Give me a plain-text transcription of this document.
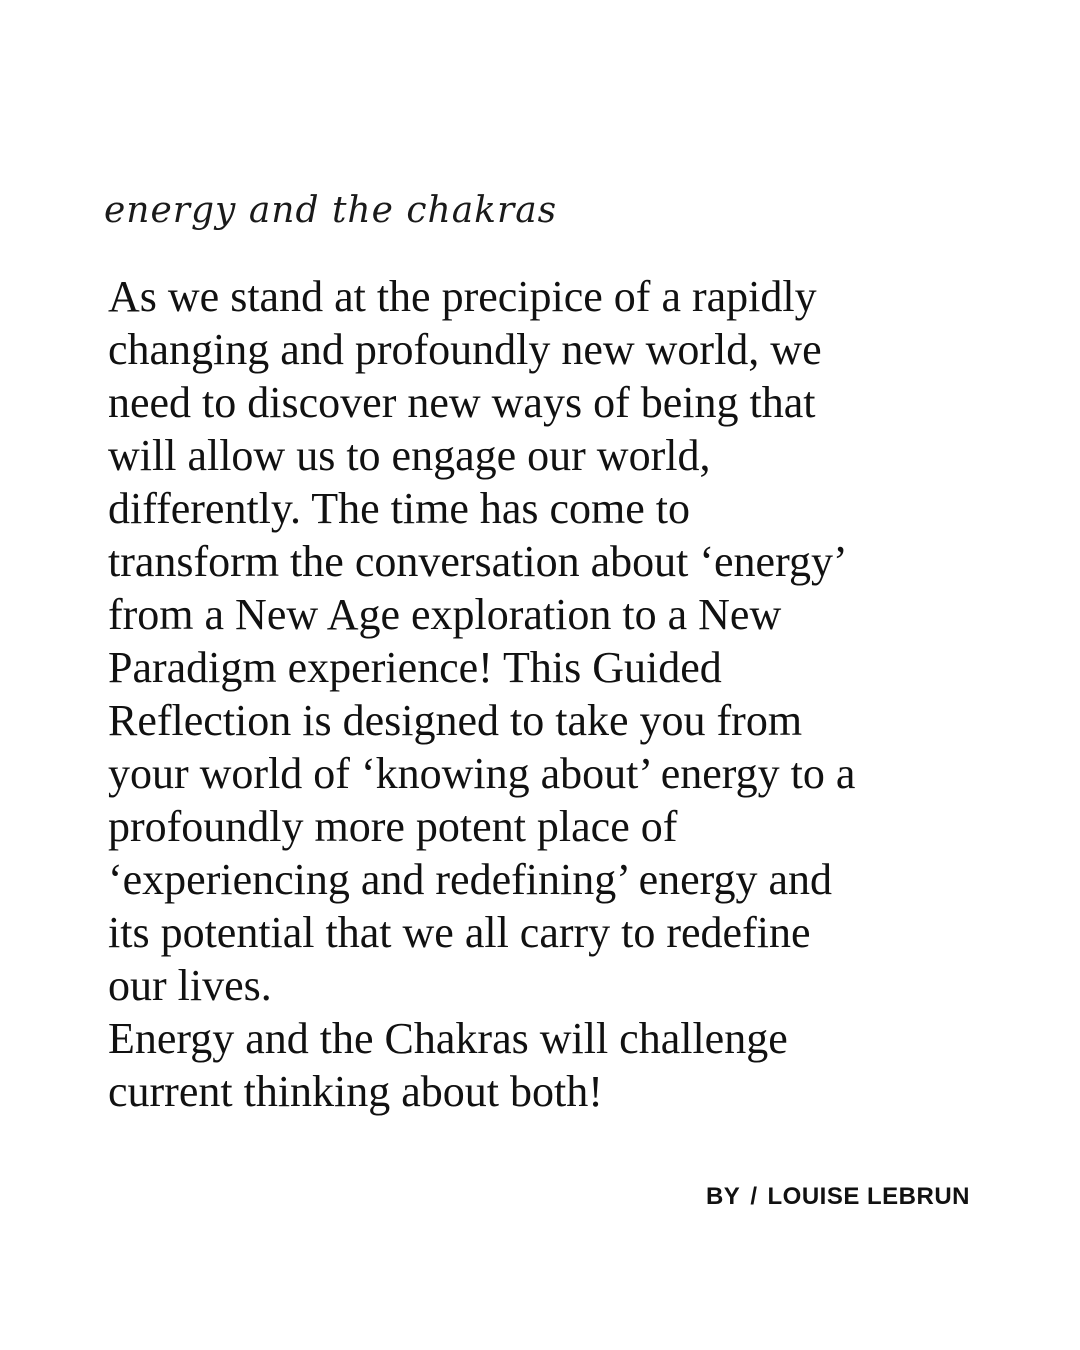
energy and the chakras
As we stand at the precipice of a rapidly
changing and profoundly new world, we
need to discover new ways of being that
will allow us to engage our world,
differently. The time has come to
transform the conversation about ‘energy’
from a New Age exploration to a New
Paradigm experience! This Guided
Reflection is designed to take you from
your world of ‘knowing about’ energy to a
profoundly more potent place of
‘experiencing and redefining’ energy and
its potential that we all carry to redefine
our lives.
Energy and the Chakras will challenge
current thinking about both!

BY / LOUISE LEBRUN
